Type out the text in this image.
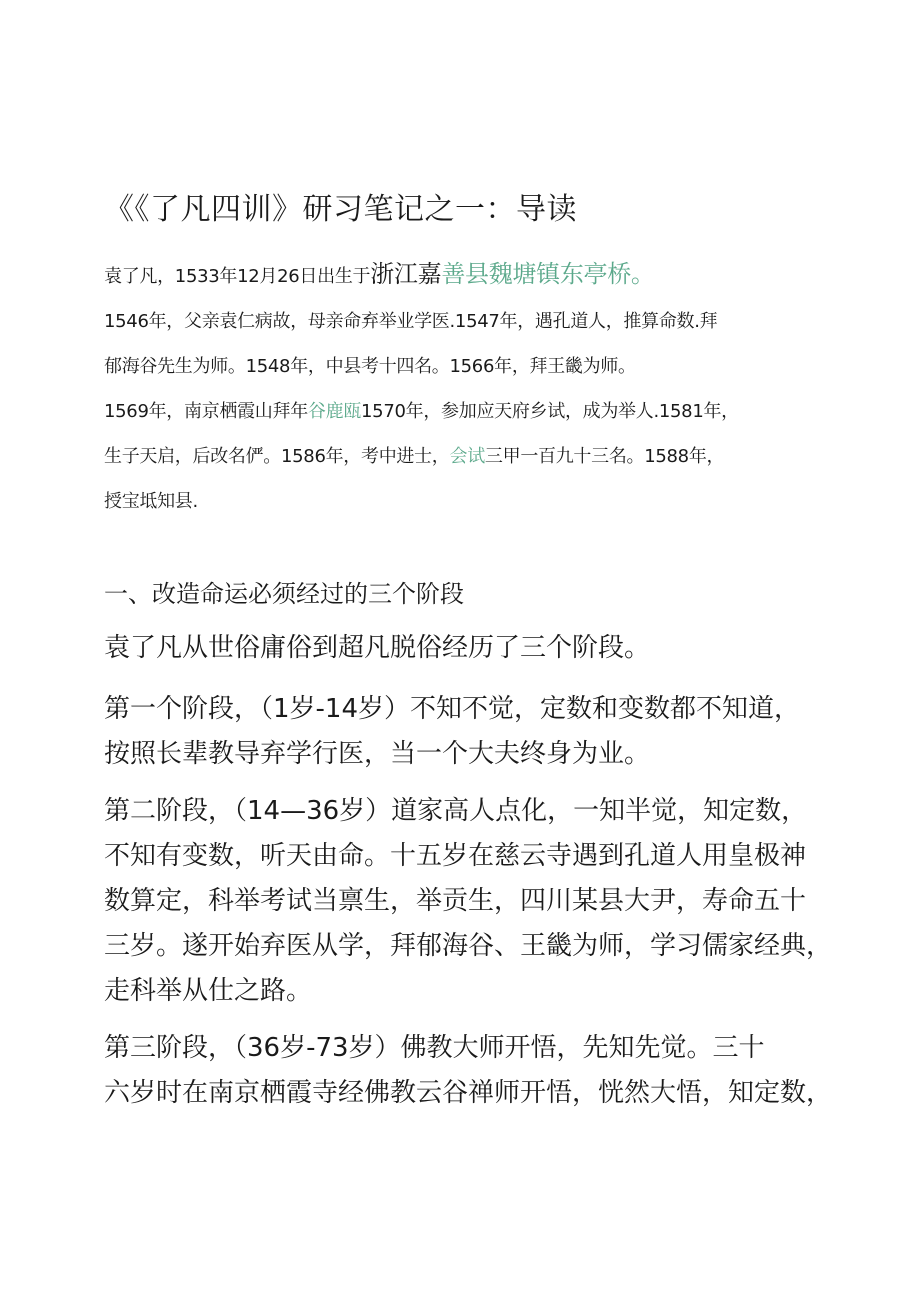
《《了凡四训》研习笔记之一：导读
袁了凡，1533年12月26日出生于浙江嘉善县魏塘镇东亭桥。
1546年，父亲袁仁病故，母亲命弃举业学医.1547年，遇孔道人，推算命数.拜
郁海谷先生为师。1548年，中县考十四名。1566年，拜王畿为师。
1569年，南京栖霞山拜年谷鹿瓯1570年，参加应天府乡试，成为举人.1581年，
生子天启，后改名俨。1586年，考中进士，会试三甲一百九十三名。1588年，
授宝坻知县.
一、改造命运必须经过的三个阶段

袁了凡从世俗庸俗到超凡脱俗经历了三个阶段。

第一个阶段，（1岁-14岁）不知不觉，定数和变数都不知道，
按照长辈教导弃学行医，当一个大夫终身为业。

第二阶段，（14—36岁）道家高人点化，一知半觉，知定数，
不知有变数，听天由命。十五岁在慈云寺遇到孔道人用皇极神
数算定，科举考试当禀生，举贡生，四川某县大尹，寿命五十
三岁。遂开始弃医从学，拜郁海谷、王畿为师，学习儒家经典，
走科举从仕之路。

第三阶段，（36岁-73岁）佛教大师开悟，先知先觉。三十
六岁时在南京栖霞寺经佛教云谷禅师开悟，恍然大悟，知定数，
